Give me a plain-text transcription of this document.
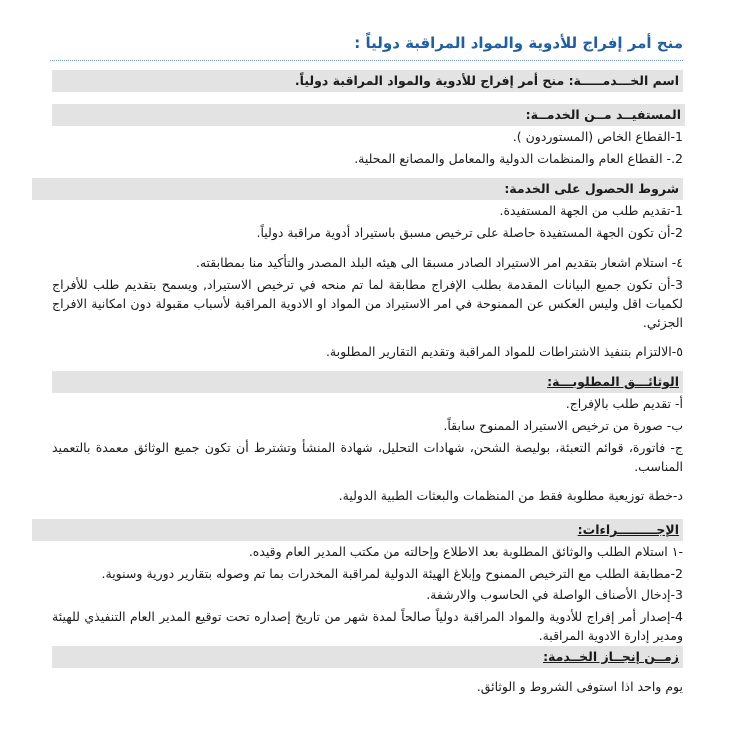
منح أمر إفراج للأدوية والمواد المراقبة دولياً :
اسم الخـــدمـــــة: منح أمر إفراج للأدوية والمواد المراقبة دولياً.
المستفيــد مــن الخدمــة:
1-القطاع الخاص (المستوردون ).
2.- القطاع العام والمنظمات الدولية والمعامل والمصانع المحلية.
شروط الحصول على الخدمة:
1-تقديم طلب من الجهة المستفيدة.
2-أن تكون الجهة المستفيدة حاصلة على ترخيص مسبق باستيراد أدوية مراقبة دولياً.
٤- استلام اشعار بتقديم امر الاستيراد الصادر مسبقا الى هيئه البلد المصدر والتأكيد منا بمطابقته.
3-أن تكون جميع البيانات المقدمة بطلب الإفراج مطابقة لما تم منحه في ترخيص الاستيراد, ويسمح بتقديم طلب للأفراج لكميات اقل وليس العكس عن الممنوحة في امر الاستيراد من المواد او الادوية المراقبة لأسباب مقبولة دون امكانية الافراج الجزئي.
٥-الالتزام بتنفيذ الاشتراطات للمواد المراقبة وتقديم التقارير المطلوبة.
الوثائـــق المطلوبـــة:
أ- تقديم طلب بالإفراج.
ب- صورة من ترخيص الاستيراد الممنوح سابقاً.
ج- فاتورة، قوائم التعبئة، بوليصة الشحن، شهادات التحليل، شهادة المنشأ وتشترط أن تكون جميع الوثائق معمدة بالتعميد المناسب.
د-خطة توزيعية مطلوبة فقط من المنظمات والبعثات الطبية الدولية.
الإجـــــــــراءات:
-١ استلام الطلب والوثائق المطلوبة بعد الاطلاع وإحالته من مكتب المدير العام وقيده.
2-مطابقة الطلب مع الترخيص الممنوح وإبلاغ الهيئة الدولية لمراقبة المخدرات بما تم وصوله بتقارير دورية وسنوية.
3-إدخال الأصناف الواصلة في الحاسوب والارشفة.
4-إصدار أمر إفراج للأدوية والمواد المراقبة دولياً صالحاً لمدة شهر من تاريخ إصداره تحت توقيع المدير العام التنفيذي للهيئة ومدير إدارة الادوية المراقبة.
زمــن إنجــاز الخــدمة:
يوم واحد اذا استوفى الشروط و الوثائق.
